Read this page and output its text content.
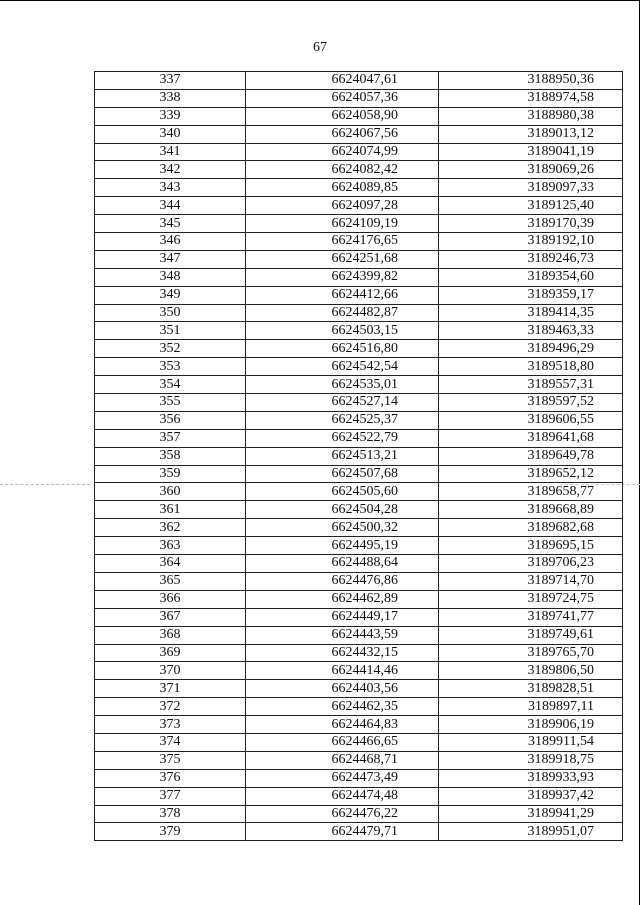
67
337	6624047,61	3188950,36
338	6624057,36	3188974,58
339	6624058,90	3188980,38
340	6624067,56	3189013,12
341	6624074,99	3189041,19
342	6624082,42	3189069,26
343	6624089,85	3189097,33
344	6624097,28	3189125,40
345	6624109,19	3189170,39
346	6624176,65	3189192,10
347	6624251,68	3189246,73
348	6624399,82	3189354,60
349	6624412,66	3189359,17
350	6624482,87	3189414,35
351	6624503,15	3189463,33
352	6624516,80	3189496,29
353	6624542,54	3189518,80
354	6624535,01	3189557,31
355	6624527,14	3189597,52
356	6624525,37	3189606,55
357	6624522,79	3189641,68
358	6624513,21	3189649,78
359	6624507,68	3189652,12
360	6624505,60	3189658,77
361	6624504,28	3189668,89
362	6624500,32	3189682,68
363	6624495,19	3189695,15
364	6624488,64	3189706,23
365	6624476,86	3189714,70
366	6624462,89	3189724,75
367	6624449,17	3189741,77
368	6624443,59	3189749,61
369	6624432,15	3189765,70
370	6624414,46	3189806,50
371	6624403,56	3189828,51
372	6624462,35	3189897,11
373	6624464,83	3189906,19
374	6624466,65	3189911,54
375	6624468,71	3189918,75
376	6624473,49	3189933,93
377	6624474,48	3189937,42
378	6624476,22	3189941,29
379	6624479,71	3189951,07
